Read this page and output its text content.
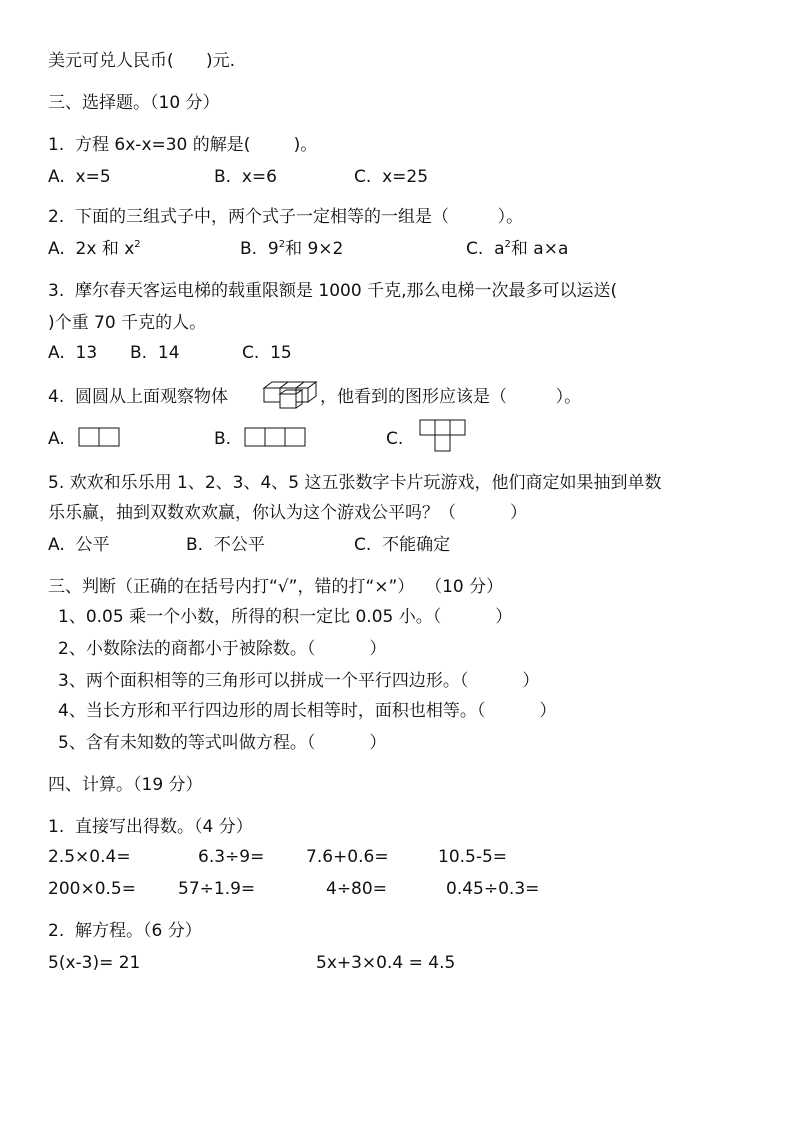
美元可兑人民币(      )元.
三、选择题。（10 分）
1.  方程 6x-x=30 的解是(        )。
A.  x=5	B.  x=6	C.  x=25
2.  下面的三组式子中，两个式子一定相等的一组是（         ）。
A.  2x 和 $x^2$	B.  $9^2$和 9×2	C.  $a^2$和 a×a
3.  摩尔春天客运电梯的载重限额是 1000 千克,那么电梯一次最多可以运送(
)个重 70 千克的人。
A.  13 B.  14	C.  15
4.  圆圆从上面观察物体	，他看到的图形应该是（         ）。
A.	B.	C.
5. 欢欢和乐乐用 1、2、3、4、5 这五张数字卡片玩游戏，他们商定如果抽到单数
乐乐赢，抽到双数欢欢赢，你认为这个游戏公平吗？（          ）
A.  公平	B.  不公平	C.  不能确定
三、判断（正确的在括号内打“√”，错的打“×”）  （10 分）
1、0.05 乘一个小数，所得的积一定比 0.05 小。（          ）
2、小数除法的商都小于被除数。（          ）
3、两个面积相等的三角形可以拼成一个平行四边形。（          ）
4、当长方形和平行四边形的周长相等时，面积也相等。（          ）
5、含有未知数的等式叫做方程。（          ）
四、计算。（19 分）
1.  直接写出得数。（4 分）
2.5×0.4=	6.3÷9= 7.6+0.6=	10.5-5=
200×0.5= 57÷1.9=	4÷80=	0.45÷0.3=
2.  解方程。（6 分）
5(x-3)= 21	5x+3×0.4 = 4.5
